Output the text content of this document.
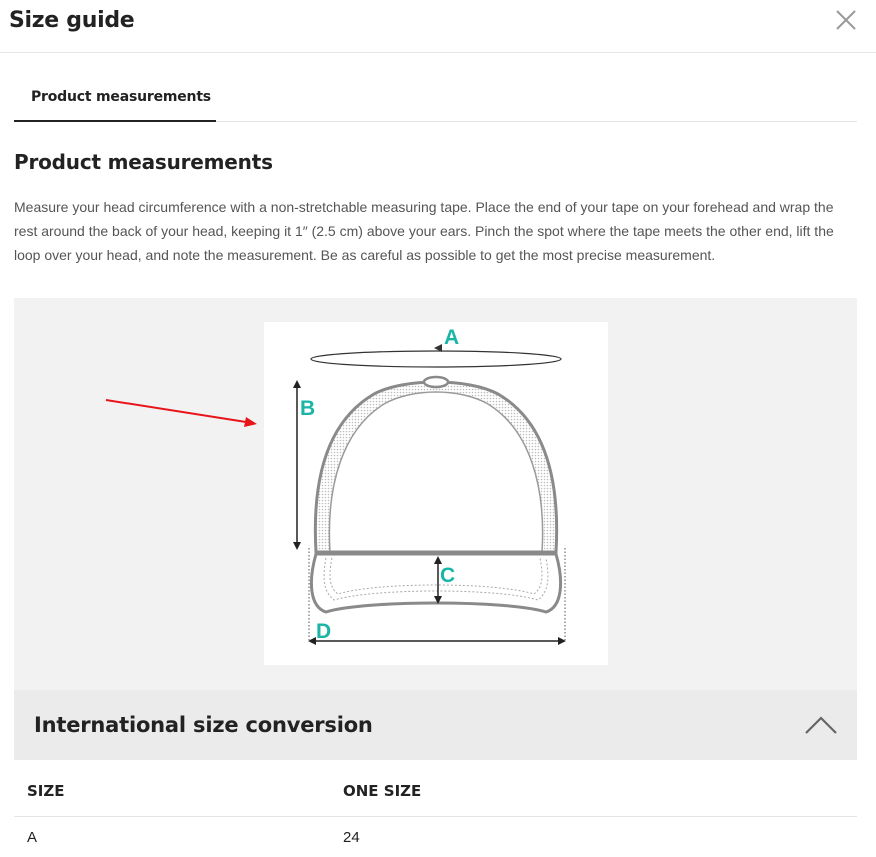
Size guide
Product measurements
Product measurements
Measure your head circumference with a non-stretchable measuring tape. Place the end of your tape on your forehead and wrap the rest around the back of your head, keeping it 1″ (2.5 cm) above your ears. Pinch the spot where the tape meets the other end, lift the loop over your head, and note the measurement. Be as careful as possible to get the most precise measurement.
A
B
C
D
International size conversion
SIZE	ONE SIZE
A	24
